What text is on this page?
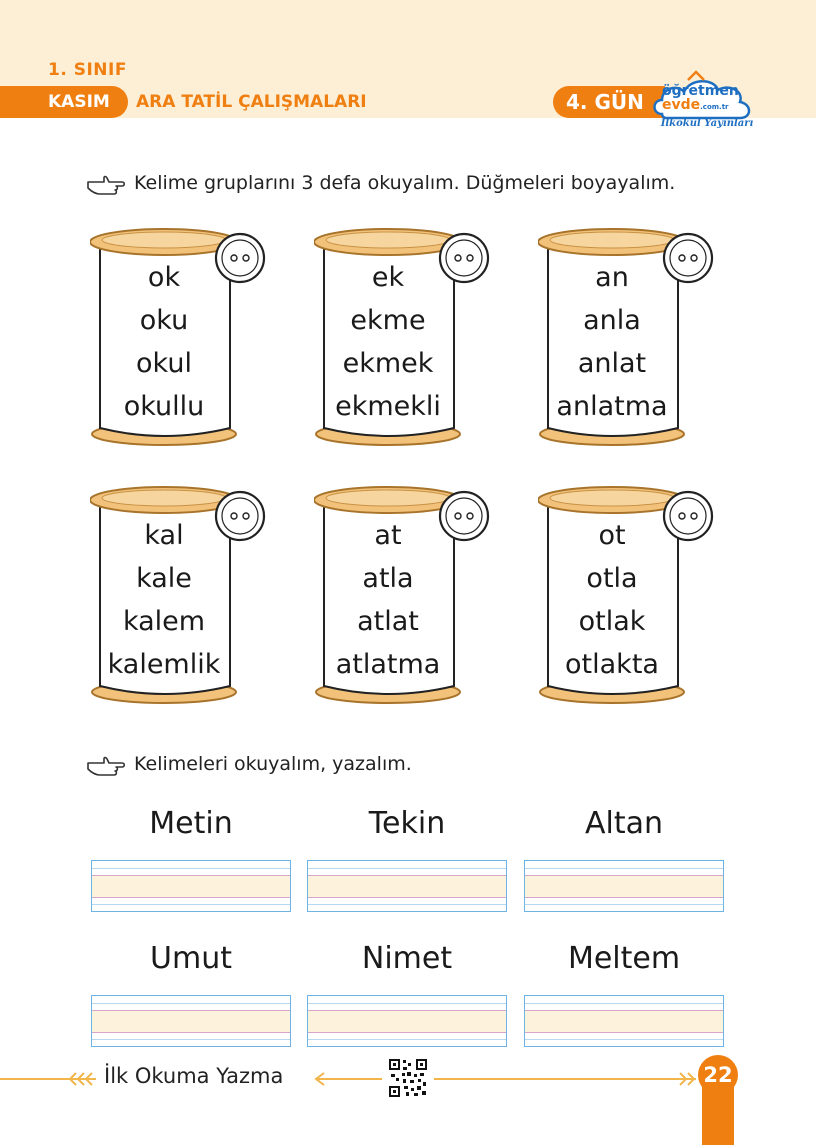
1. SINIF
KASIM ARA TATİL ÇALIŞMALARI	4. GÜN öğretmen
evde.com.tr
İlkokul Yayınları
Kelime gruplarını 3 defa okuyalım. Düğmeleri boyayalım.
ok
oku
okul
okullu
ek
ekme
ekmek
ekmekli
an
anla
anlat
anlatma
kal
kale
kalem
kalemlik
at
atla
atlat
atlatma
ot
otla
otlak
otlakta
Kelimeleri okuyalım, yazalım.
Metin	Tekin	Altan
Umut	Nimet	Meltem
İlk Okuma Yazma	22
